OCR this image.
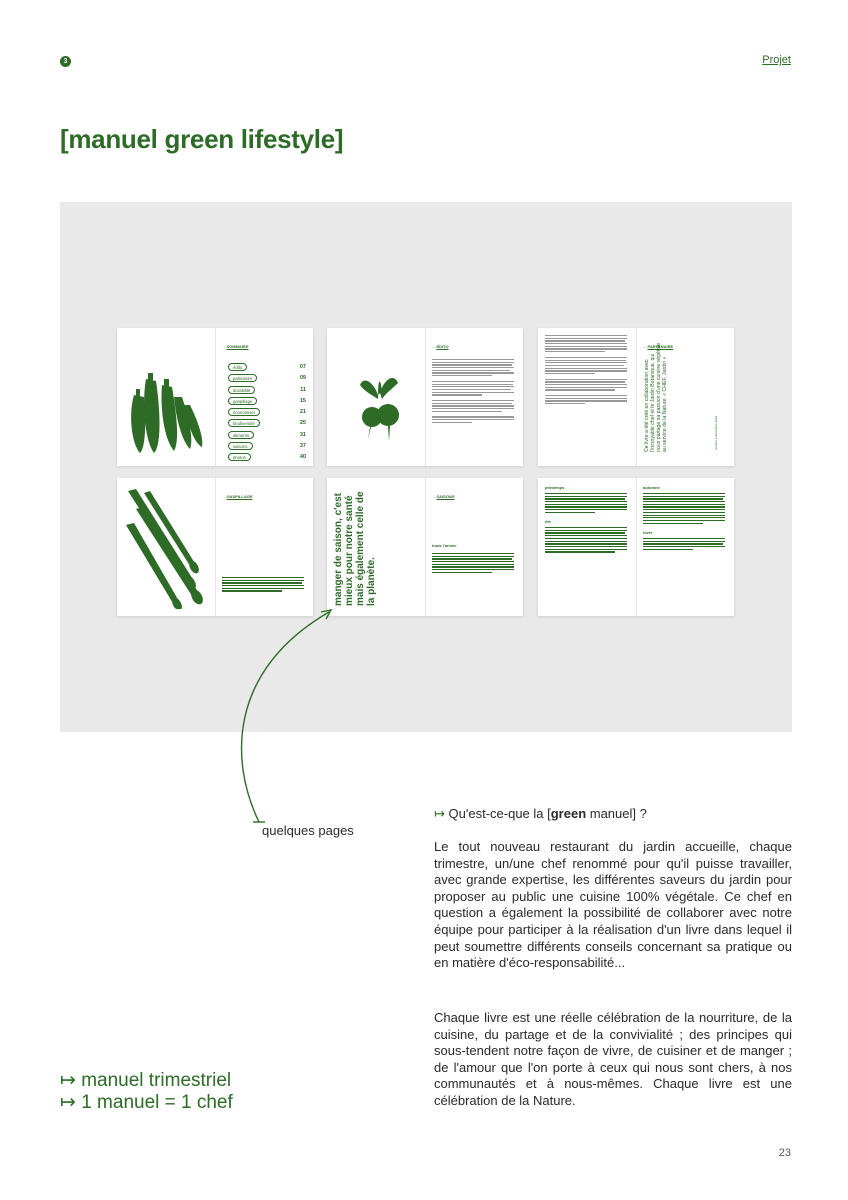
3	Projet
[manuel green lifestyle]
→ SOMMAIRE
édito	07
partenaire	09
durabilité	11
gaspillage	15
économiser	21
biodiversité	25
aliments	31
saisons	37
photos	40
→ ÉDITO	→ PARTENAIRE
Ce livre a été créé en collaboration avec l'incroyable chef et le Jardin Botanique, qui nous partage sa passion d'une cuisine végétale au service de la Nature. « CHEF, Jardin »	octobre à décembre 2022
→ GASPILLAGE	manger de saison, c'est mieux pour notre santé mais également celle de la planète.
→ SAISONS
toute l'année
printemps
été
automne
hiver
quelques pages
↦ Qu'est-ce-que la [green manuel] ?
Le tout nouveau restaurant du jardin accueille, chaque trimestre, un/une chef renommé pour qu'il puisse travailler, avec grande expertise, les différentes saveurs du jardin pour proposer au public une cuisine 100% végétale. Ce chef en question a également la possibilité de collaborer avec notre équipe pour participer à la réalisation d'un livre dans lequel il peut soumettre différents conseils concernant sa pratique ou en matière d'éco-responsabilité...
Chaque livre est une réelle célébration de la nourriture, de la cuisine, du partage et de la convivialité ; des principes qui sous-tendent notre façon de vivre, de cuisiner et de manger ; de l'amour que l'on porte à ceux qui nous sont chers, à nos communautés et à nous-mêmes. Chaque livre est une célébration de la Nature.
↦ manuel trimestriel
↦ 1 manuel = 1 chef
23
